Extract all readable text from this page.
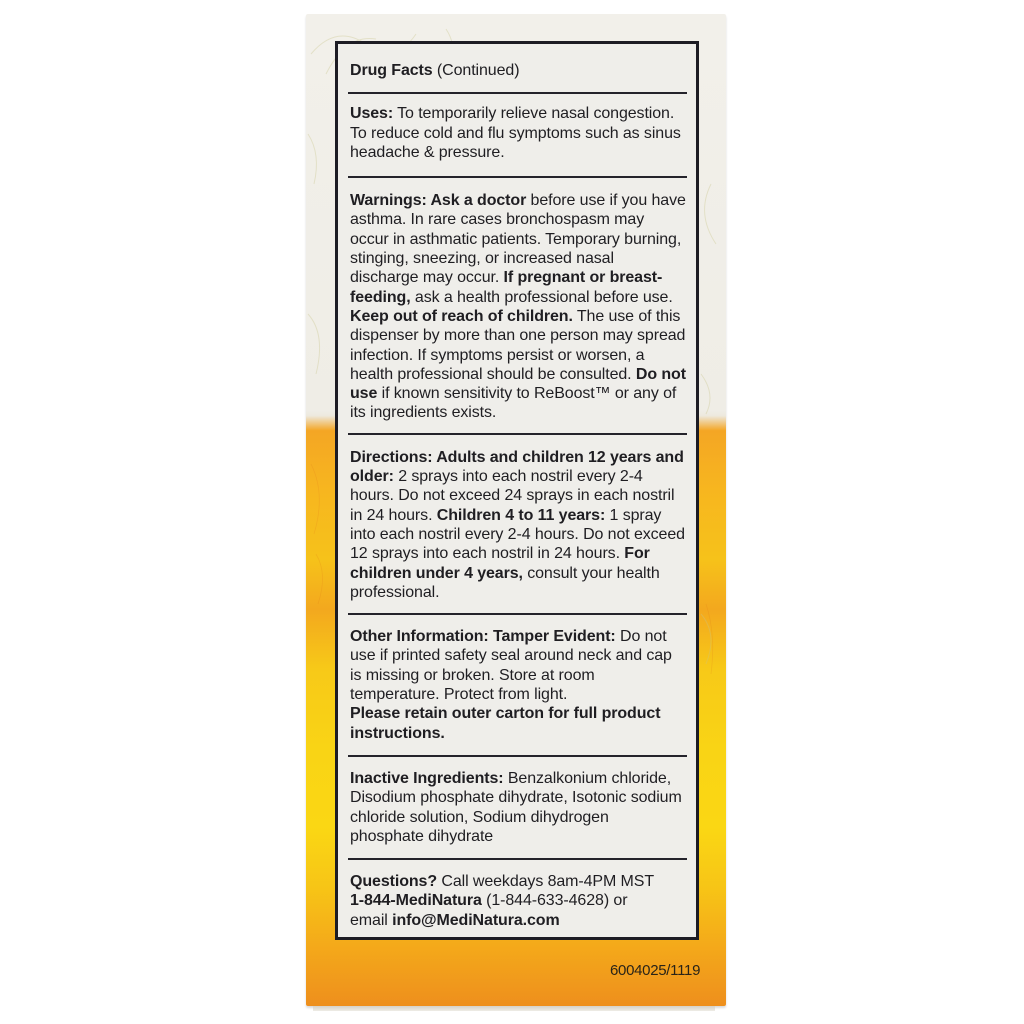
Drug Facts (Continued)

Uses: To temporarily relieve nasal congestion. To reduce cold and flu symptoms such as sinus headache & pressure.

Warnings: Ask a doctor before use if you have asthma. In rare cases bronchospasm may occur in asthmatic patients. Temporary burning, stinging, sneezing, or increased nasal discharge may occur. If pregnant or breast-feeding, ask a health professional before use. Keep out of reach of children. The use of this dispenser by more than one person may spread infection. If symptoms persist or worsen, a health professional should be consulted. Do not use if known sensitivity to ReBoost™ or any of its ingredients exists.

Directions: Adults and children 12 years and older: 2 sprays into each nostril every 2-4 hours. Do not exceed 24 sprays in each nostril in 24 hours. Children 4 to 11 years: 1 spray into each nostril every 2-4 hours. Do not exceed 12 sprays into each nostril in 24 hours. For children under 4 years, consult your health professional.

Other Information: Tamper Evident: Do not use if printed safety seal around neck and cap is missing or broken. Store at room temperature. Protect from light.

Please retain outer carton for full product instructions.

Inactive Ingredients: Benzalkonium chloride, Disodium phosphate dihydrate, Isotonic sodium chloride solution, Sodium dihydrogen phosphate dihydrate

Questions? Call weekdays 8am-4PM MST

1-844-MediNatura (1-844-633-4628) or

email info@MediNatura.com

6004025/1119
